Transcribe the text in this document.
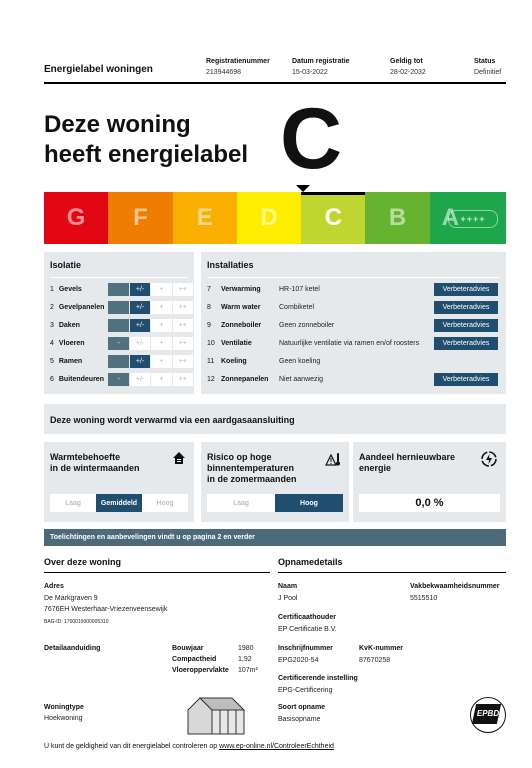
Energielabel woningen
Registratienummer
213944698
Datum registratie
15-03-2022
Geldig tot
28-02-2032
Status
Definitief
Deze woning
heeft energielabel C
G F E D C B A ++++
Isolatie
1 Gevels	+/-	+	++
2 Gevelpanelen	+/-	+	++
3 Daken	+/-	+	++
4 Vloeren	-	+/-	+	++
5 Ramen	+/-	+	++
6 Buitendeuren	-	+/-	+	++
Installaties
7	Verwarming	HR-107 ketel	Verbeteradvies
8	Warm water	Combiketel	Verbeteradvies
9	Zonneboiler	Geen zonneboiler	Verbeteradvies
10 Ventilatie	Natuurlijke ventilatie via ramen en/of roosters	Verbeteradvies
11 Koeling	Geen koeling
12 Zonnepanelen	Niet aanwezig	Verbeteradvies
Deze woning wordt verwarmd via een aardgasaansluiting
Warmtebehoefte
in de wintermaanden
Laag	Gemiddeld	Hoog
Risico op hoge
binnentemperaturen
in de zomermaanden
Laag	Hoog
Aandeel hernieuwbare
energie
0,0 %
Toelichtingen en aanbevelingen vindt u op pagina 2 en verder
Over deze woning
Adres
De Markgraven 9
7676EH Westerhaar-Vriezenveensewijk
BAG-ID: 1700010000005310
Detailaanduiding	Bouwjaar	1980
Compactheid	1,92
Vloeroppervlakte 107m²
Woningtype
Hoekwoning
Opnamedetails
Naam
J Pool
Vakbekwaamheidsnummer
5515510
Certificaathouder
EP Certificatie B.V.
Inschrijfnummer
EPG2020-54
KvK-nummer
87670258
Certificerende instelling
EPG-Certificering
Soort opname
Basisopname
EPBD
U kunt de geldigheid van dit energielabel controleren op www.ep-online.nl/ControleerEchtheid
